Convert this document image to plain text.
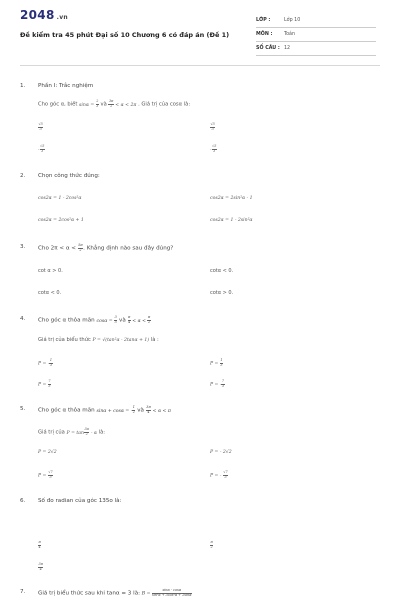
2048 .vn
Đề kiểm tra 45 phút Đại số 10 Chương 6 có đáp án (Đề 1)
LỚP :	Lớp 10
MÔN : Toán
SỐ CÂU : 12
1. Phần I: Trắc nghiệm
Cho góc α, biết $\sin\alpha = \frac{2}{3}$ và $\frac{3\pi}{2} < \alpha < 2\pi$ . Giá trị của cosα là:
$\frac{√5}{3}$	$\frac{√5}{3}$
- $\frac{√5}{3}$	- $\frac{√5}{3}$
2. Chọn công thức đúng:
cos2α = 1 - 2cos²α	cos2α = 2sin²α - 1
cos2α = 2cos²α + 1	cos2α = 1 - 2sin²α
3. Cho $2\pi < \alpha < \frac{5\pi}{2}$ . Khẳng định nào sau đây đúng?
cot α > 0.	cotα < 0.
cotα < 0.	cotα > 0.
4. Cho góc α thỏa mãn $\cos\alpha = \frac{3}{5}$ và $\frac{\pi}{4} < \alpha < \frac{\pi}{2}$
Giá trị của biểu thức P = √(tan²α - 2tanα + 1) là :
P = - $\frac{1}{3}$	$P = \frac{1}{3}$
$P = \frac{7}{3}$	P = - $\frac{7}{3}$
5. Cho góc α thỏa mãn sinα + cosα = - $\frac{1}{2}$ và $\frac{3\pi}{4} < \alpha < \pi$
Giá trị của $P = \tan \frac{3\alpha}{2} - \alpha$ là:
P = 2√2	P = - 2√2
$P = \frac{√7}{3}$	P = - $\frac{√7}{3}$
6. Số đo radian của góc 135o là:
$\frac{\pi}{4}$	$\frac{\pi}{2}$
$\frac{3\pi}{4}$
7. Giá trị biểu thức sau khi tanα = 3 là: $B = \frac{\sin\alpha - \cos\alpha}{\text{sin³α + 3cos³α + 2sinα}}$
